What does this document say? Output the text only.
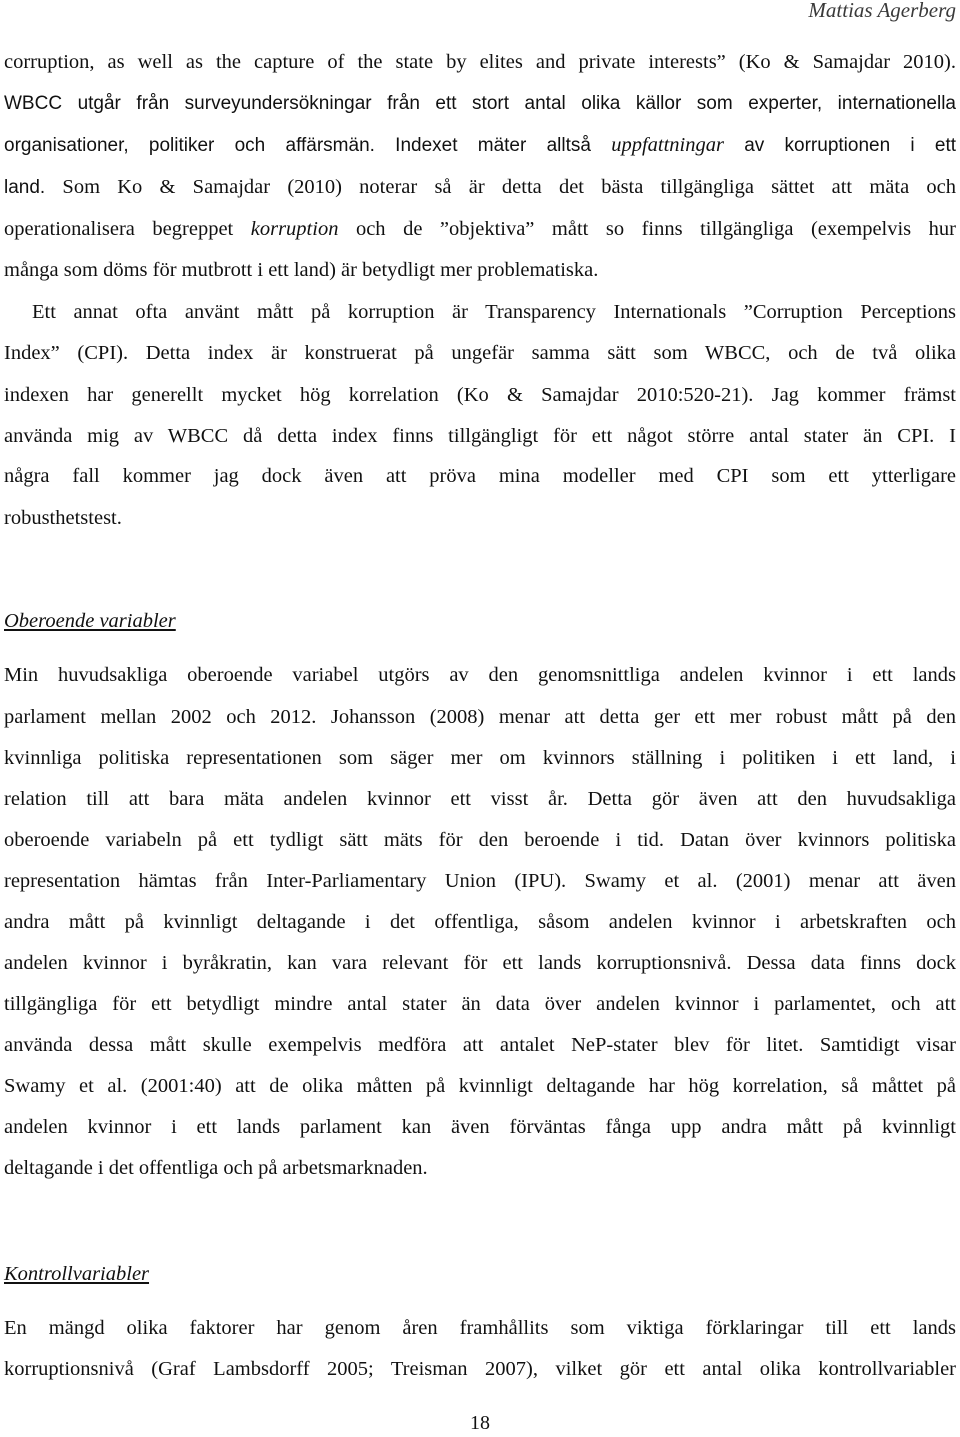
Mattias Agerberg
corruption, as well as the capture of the state by elites and private interests” (Ko & Samajdar 2010).
WBCC utgår från surveyundersökningar från ett stort antal olika källor som experter, internationella
organisationer, politiker och affärsmän. Indexet mäter alltså uppfattningar av korruptionen i ett
land. Som Ko & Samajdar (2010) noterar så är detta det bästa tillgängliga sättet att mäta och
operationalisera begreppet korruption och de ”objektiva” mått so finns tillgängliga (exempelvis hur
många som döms för mutbrott i ett land) är betydligt mer problematiska.
Ett annat ofta använt mått på korruption är Transparency Internationals ”Corruption Perceptions
Index” (CPI). Detta index är konstruerat på ungefär samma sätt som WBCC, och de två olika
indexen har generellt mycket hög korrelation (Ko & Samajdar 2010:520-21). Jag kommer främst
använda mig av WBCC då detta index finns tillgängligt för ett något större antal stater än CPI. I
några fall kommer jag dock även att pröva mina modeller med CPI som ett ytterligare
robusthetstest.
Oberoende variabler
Min huvudsakliga oberoende variabel utgörs av den genomsnittliga andelen kvinnor i ett lands
parlament mellan 2002 och 2012. Johansson (2008) menar att detta ger ett mer robust mått på den
kvinnliga politiska representationen som säger mer om kvinnors ställning i politiken i ett land, i
relation till att bara mäta andelen kvinnor ett visst år. Detta gör även att den huvudsakliga
oberoende variabeln på ett tydligt sätt mäts för den beroende i tid. Datan över kvinnors politiska
representation hämtas från Inter-Parliamentary Union (IPU). Swamy et al. (2001) menar att även
andra mått på kvinnligt deltagande i det offentliga, såsom andelen kvinnor i arbetskraften och
andelen kvinnor i byråkratin, kan vara relevant för ett lands korruptionsnivå. Dessa data finns dock
tillgängliga för ett betydligt mindre antal stater än data över andelen kvinnor i parlamentet, och att
använda dessa mått skulle exempelvis medföra att antalet NeP-stater blev för litet. Samtidigt visar
Swamy et al. (2001:40) att de olika måtten på kvinnligt deltagande har hög korrelation, så måttet på
andelen kvinnor i ett lands parlament kan även förväntas fånga upp andra mått på kvinnligt
deltagande i det offentliga och på arbetsmarknaden.
Kontrollvariabler
En mängd olika faktorer har genom åren framhållits som viktiga förklaringar till ett lands
korruptionsnivå (Graf Lambsdorff 2005; Treisman 2007), vilket gör ett antal olika kontrollvariabler
18
